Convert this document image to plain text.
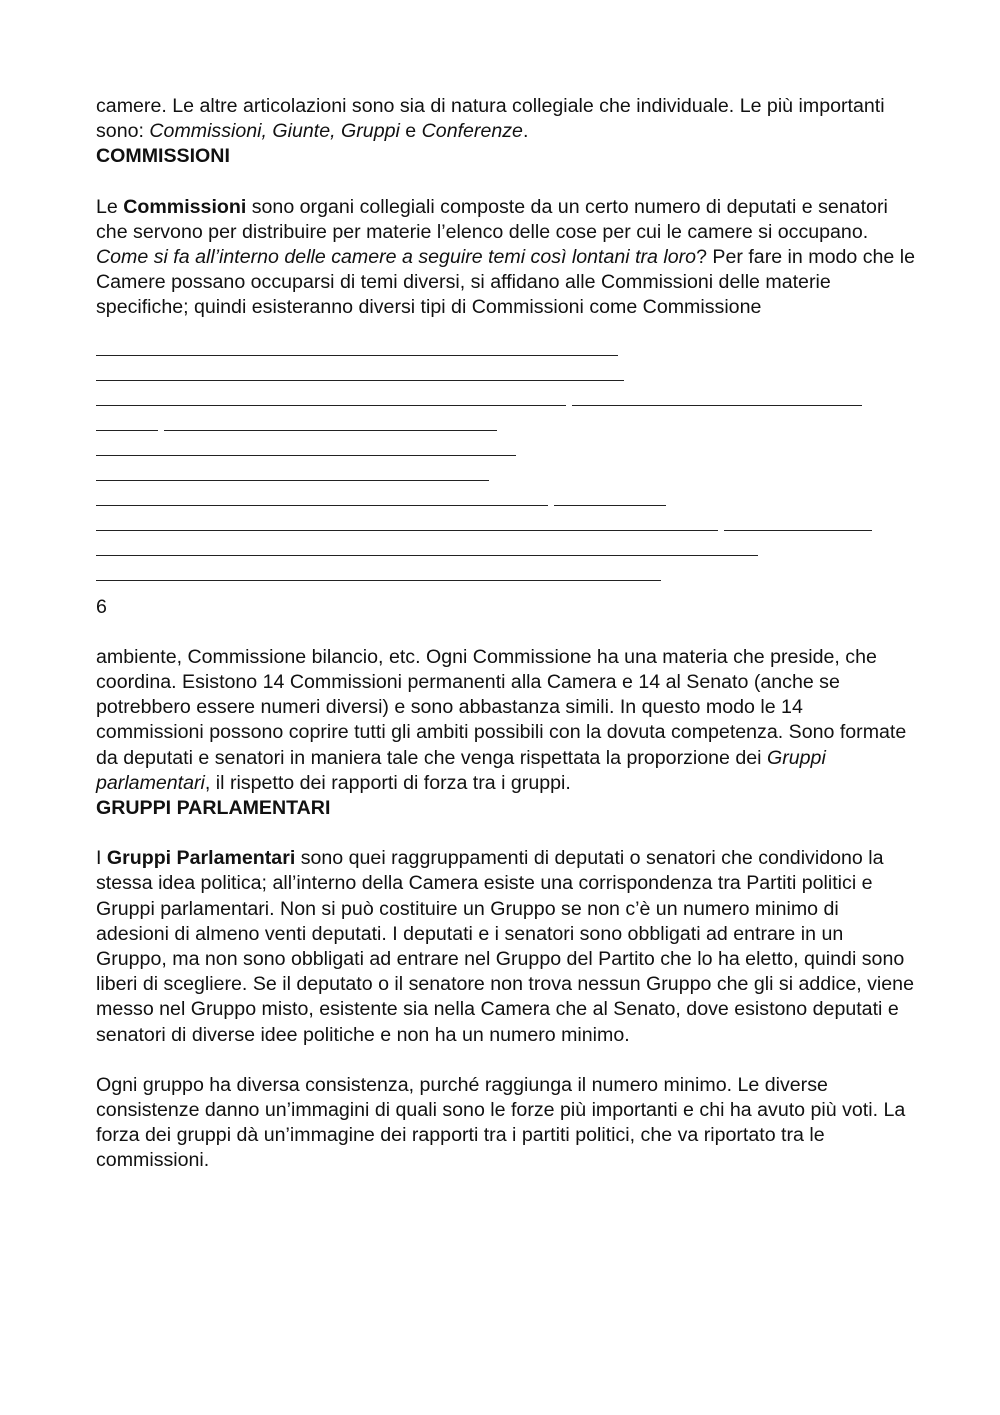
camere. Le altre articolazioni sono sia di natura collegiale che individuale. Le più importanti sono: Commissioni, Giunte, Gruppi e Conferenze.

COMMISSIONI

Le Commissioni sono organi collegiali composte da un certo numero di deputati e senatori che servono per distribuire per materie l’elenco delle cose per cui le camere si occupano. Come si fa all’interno delle camere a seguire temi così lontani tra loro? Per fare in modo che le Camere possano occuparsi di temi diversi, si affidano alle Commissioni delle materie specifiche; quindi esisteranno diversi tipi di Commissioni come Commissione

6

ambiente, Commissione bilancio, etc. Ogni Commissione ha una materia che preside, che coordina. Esistono 14 Commissioni permanenti alla Camera e 14 al Senato (anche se potrebbero essere numeri diversi) e sono abbastanza simili. In questo modo le 14 commissioni possono coprire tutti gli ambiti possibili con la dovuta competenza. Sono formate da deputati e senatori in maniera tale che venga rispettata la proporzione dei Gruppi parlamentari, il rispetto dei rapporti di forza tra i gruppi.

GRUPPI PARLAMENTARI

I Gruppi Parlamentari sono quei raggruppamenti di deputati o senatori che condividono la stessa idea politica; all’interno della Camera esiste una corrispondenza tra Partiti politici e Gruppi parlamentari. Non si può costituire un Gruppo se non c’è un numero minimo di adesioni di almeno venti deputati. I deputati e i senatori sono obbligati ad entrare in un Gruppo, ma non sono obbligati ad entrare nel Gruppo del Partito che lo ha eletto, quindi sono liberi di scegliere. Se il deputato o il senatore non trova nessun Gruppo che gli si addice, viene messo nel Gruppo misto, esistente sia nella Camera che al Senato, dove esistono deputati e senatori di diverse idee politiche e non ha un numero minimo.

Ogni gruppo ha diversa consistenza, purché raggiunga il numero minimo. Le diverse consistenze danno un’immagini di quali sono le forze più importanti e chi ha avuto più voti. La forza dei gruppi dà un’immagine dei rapporti tra i partiti politici, che va riportato tra le commissioni.
